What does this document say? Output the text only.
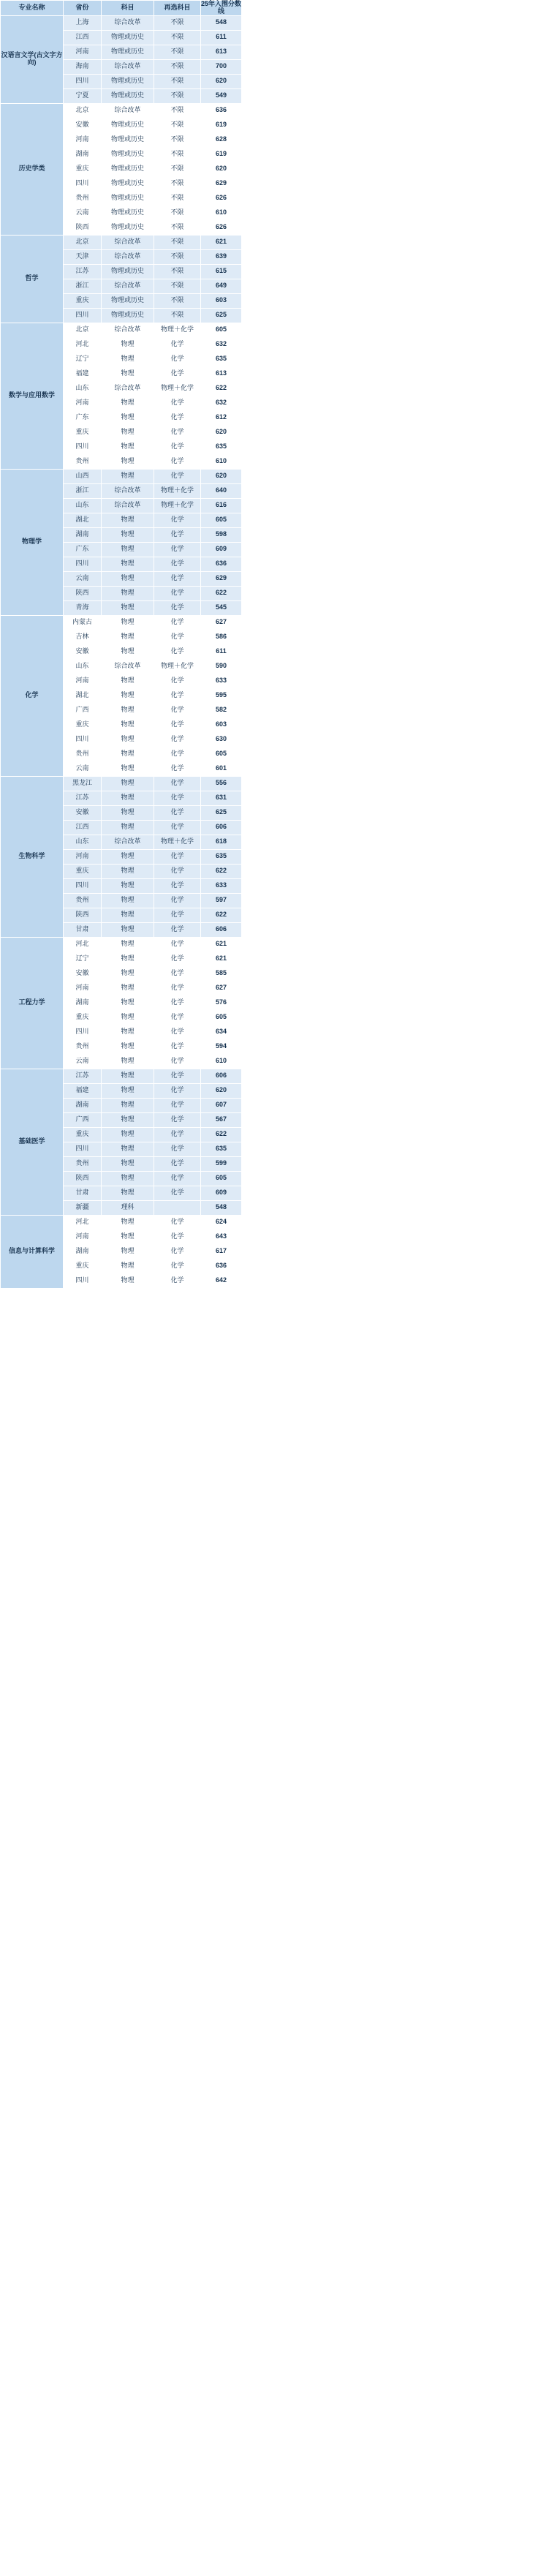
专业名称	省份	科目	再选科目	25年入围分数线
汉语言文学(古文字方向)	上海	综合改革	不限	548
	江西	物理或历史	不限	611
	河南	物理或历史	不限	613
	海南	综合改革	不限	700
	四川	物理或历史	不限	620
	宁夏	物理或历史	不限	549
历史学类	北京	综合改革	不限	636
	安徽	物理或历史	不限	619
	河南	物理或历史	不限	628
	湖南	物理或历史	不限	619
	重庆	物理或历史	不限	620
	四川	物理或历史	不限	629
	贵州	物理或历史	不限	626
	云南	物理或历史	不限	610
	陕西	物理或历史	不限	626
哲学	北京	综合改革	不限	621
	天津	综合改革	不限	639
	江苏	物理或历史	不限	615
	浙江	综合改革	不限	649
	重庆	物理或历史	不限	603
	四川	物理或历史	不限	625
数学与应用数学	北京	综合改革	物理＋化学	605
	河北	物理	化学	632
	辽宁	物理	化学	635
	福建	物理	化学	613
	山东	综合改革	物理＋化学	622
	河南	物理	化学	632
	广东	物理	化学	612
	重庆	物理	化学	620
	四川	物理	化学	635
	贵州	物理	化学	610
物理学	山西	物理	化学	620
	浙江	综合改革	物理＋化学	640
	山东	综合改革	物理＋化学	616
	湖北	物理	化学	605
	湖南	物理	化学	598
	广东	物理	化学	609
	四川	物理	化学	636
	云南	物理	化学	629
	陕西	物理	化学	622
	青海	物理	化学	545
化学	内蒙古	物理	化学	627
	吉林	物理	化学	586
	安徽	物理	化学	611
	山东	综合改革	物理＋化学	590
	河南	物理	化学	633
	湖北	物理	化学	595
	广西	物理	化学	582
	重庆	物理	化学	603
	四川	物理	化学	630
	贵州	物理	化学	605
	云南	物理	化学	601
生物科学	黑龙江	物理	化学	556
	江苏	物理	化学	631
	安徽	物理	化学	625
	江西	物理	化学	606
	山东	综合改革	物理＋化学	618
	河南	物理	化学	635
	重庆	物理	化学	622
	四川	物理	化学	633
	贵州	物理	化学	597
	陕西	物理	化学	622
	甘肃	物理	化学	606
工程力学	河北	物理	化学	621
	辽宁	物理	化学	621
	安徽	物理	化学	585
	河南	物理	化学	627
	湖南	物理	化学	576
	重庆	物理	化学	605
	四川	物理	化学	634
	贵州	物理	化学	594
	云南	物理	化学	610
基础医学	江苏	物理	化学	606
	福建	物理	化学	620
	湖南	物理	化学	607
	广西	物理	化学	567
	重庆	物理	化学	622
	四川	物理	化学	635
	贵州	物理	化学	599
	陕西	物理	化学	605
	甘肃	物理	化学	609
	新疆	理科		548
信息与计算科学	河北	物理	化学	624
	河南	物理	化学	643
	湖南	物理	化学	617
	重庆	物理	化学	636
	四川	物理	化学	642
